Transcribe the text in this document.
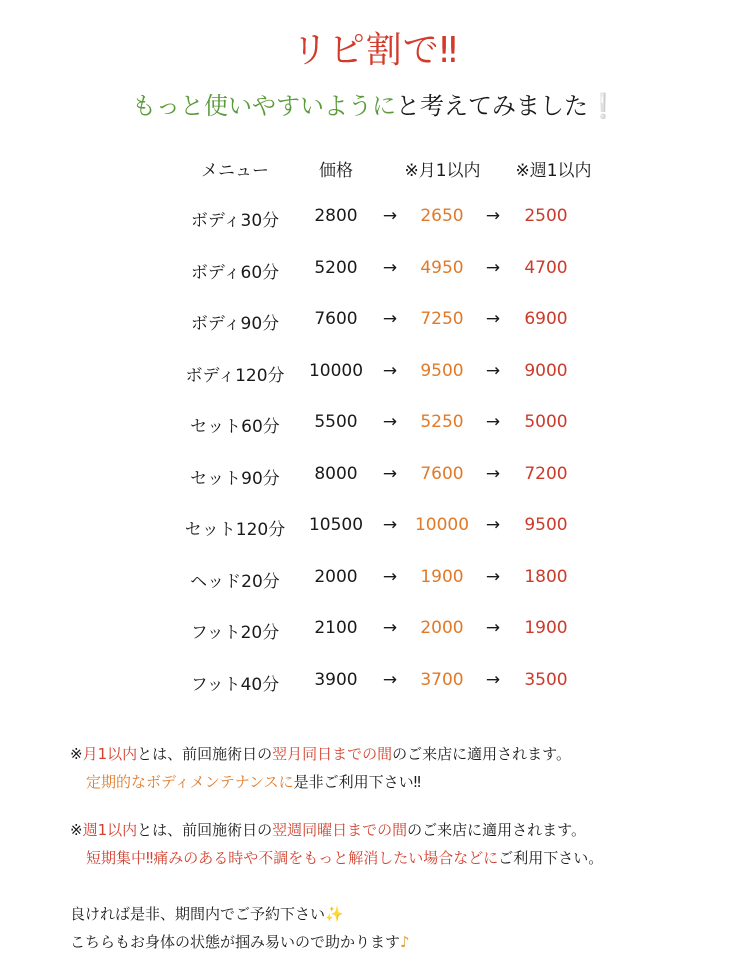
リピ割で‼︎
もっと使いやすいようにと考えてみました❕
メニュー	価格	※月1以内	※週1以内
ボディ30分	2800	→	2650	→	2500
ボディ60分	5200	→	4950	→	4700
ボディ90分	7600	→	7250	→	6900
ボディ120分	10000	→	9500	→	9000
セット60分	5500	→	5250	→	5000
セット90分	8000	→	7600	→	7200
セット120分	10500	→	10000 →	9500
ヘッド20分	2000	→	1900	→	1800
フット20分	2100	→	2000	→	1900
フット40分	3900	→	3700	→	3500
※月1以内とは、前回施術日の翌月同日までの間のご来店に適用されます。
定期的なボディメンテナンスに是非ご利用下さい‼︎
※週1以内とは、前回施術日の翌週同曜日までの間のご来店に適用されます。
短期集中‼︎痛みのある時や不調をもっと解消したい場合などにご利用下さい。
良ければ是非、期間内でご予約下さい✨
こちらもお身体の状態が掴み易いので助かります♪
